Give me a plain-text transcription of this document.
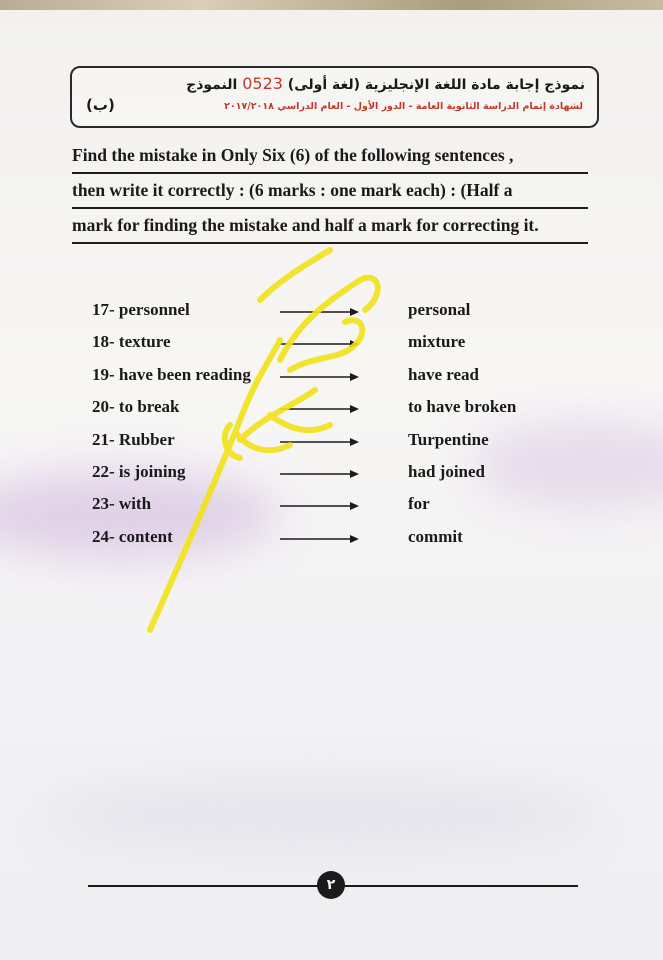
نموذج إجابة مادة اللغة الإنجليزية (لغة أولى) 0523 النموذج
لشهادة إتمام الدراسة الثانوية العامة - الدور الأول - العام الدراسي ٢٠١٧/٢٠١٨
(ب)
Find the mistake in Only Six (6) of the following sentences ,
then write it correctly : (6 marks : one mark each) : (Half a
mark for finding the mistake and half a mark for correcting it.
17- personnel	personal
18- texture	mixture
19- have been reading	have read
20- to break	to have broken
21- Rubber	Turpentine
22- is joining	had joined
23- with	for
24- content	commit
٢
